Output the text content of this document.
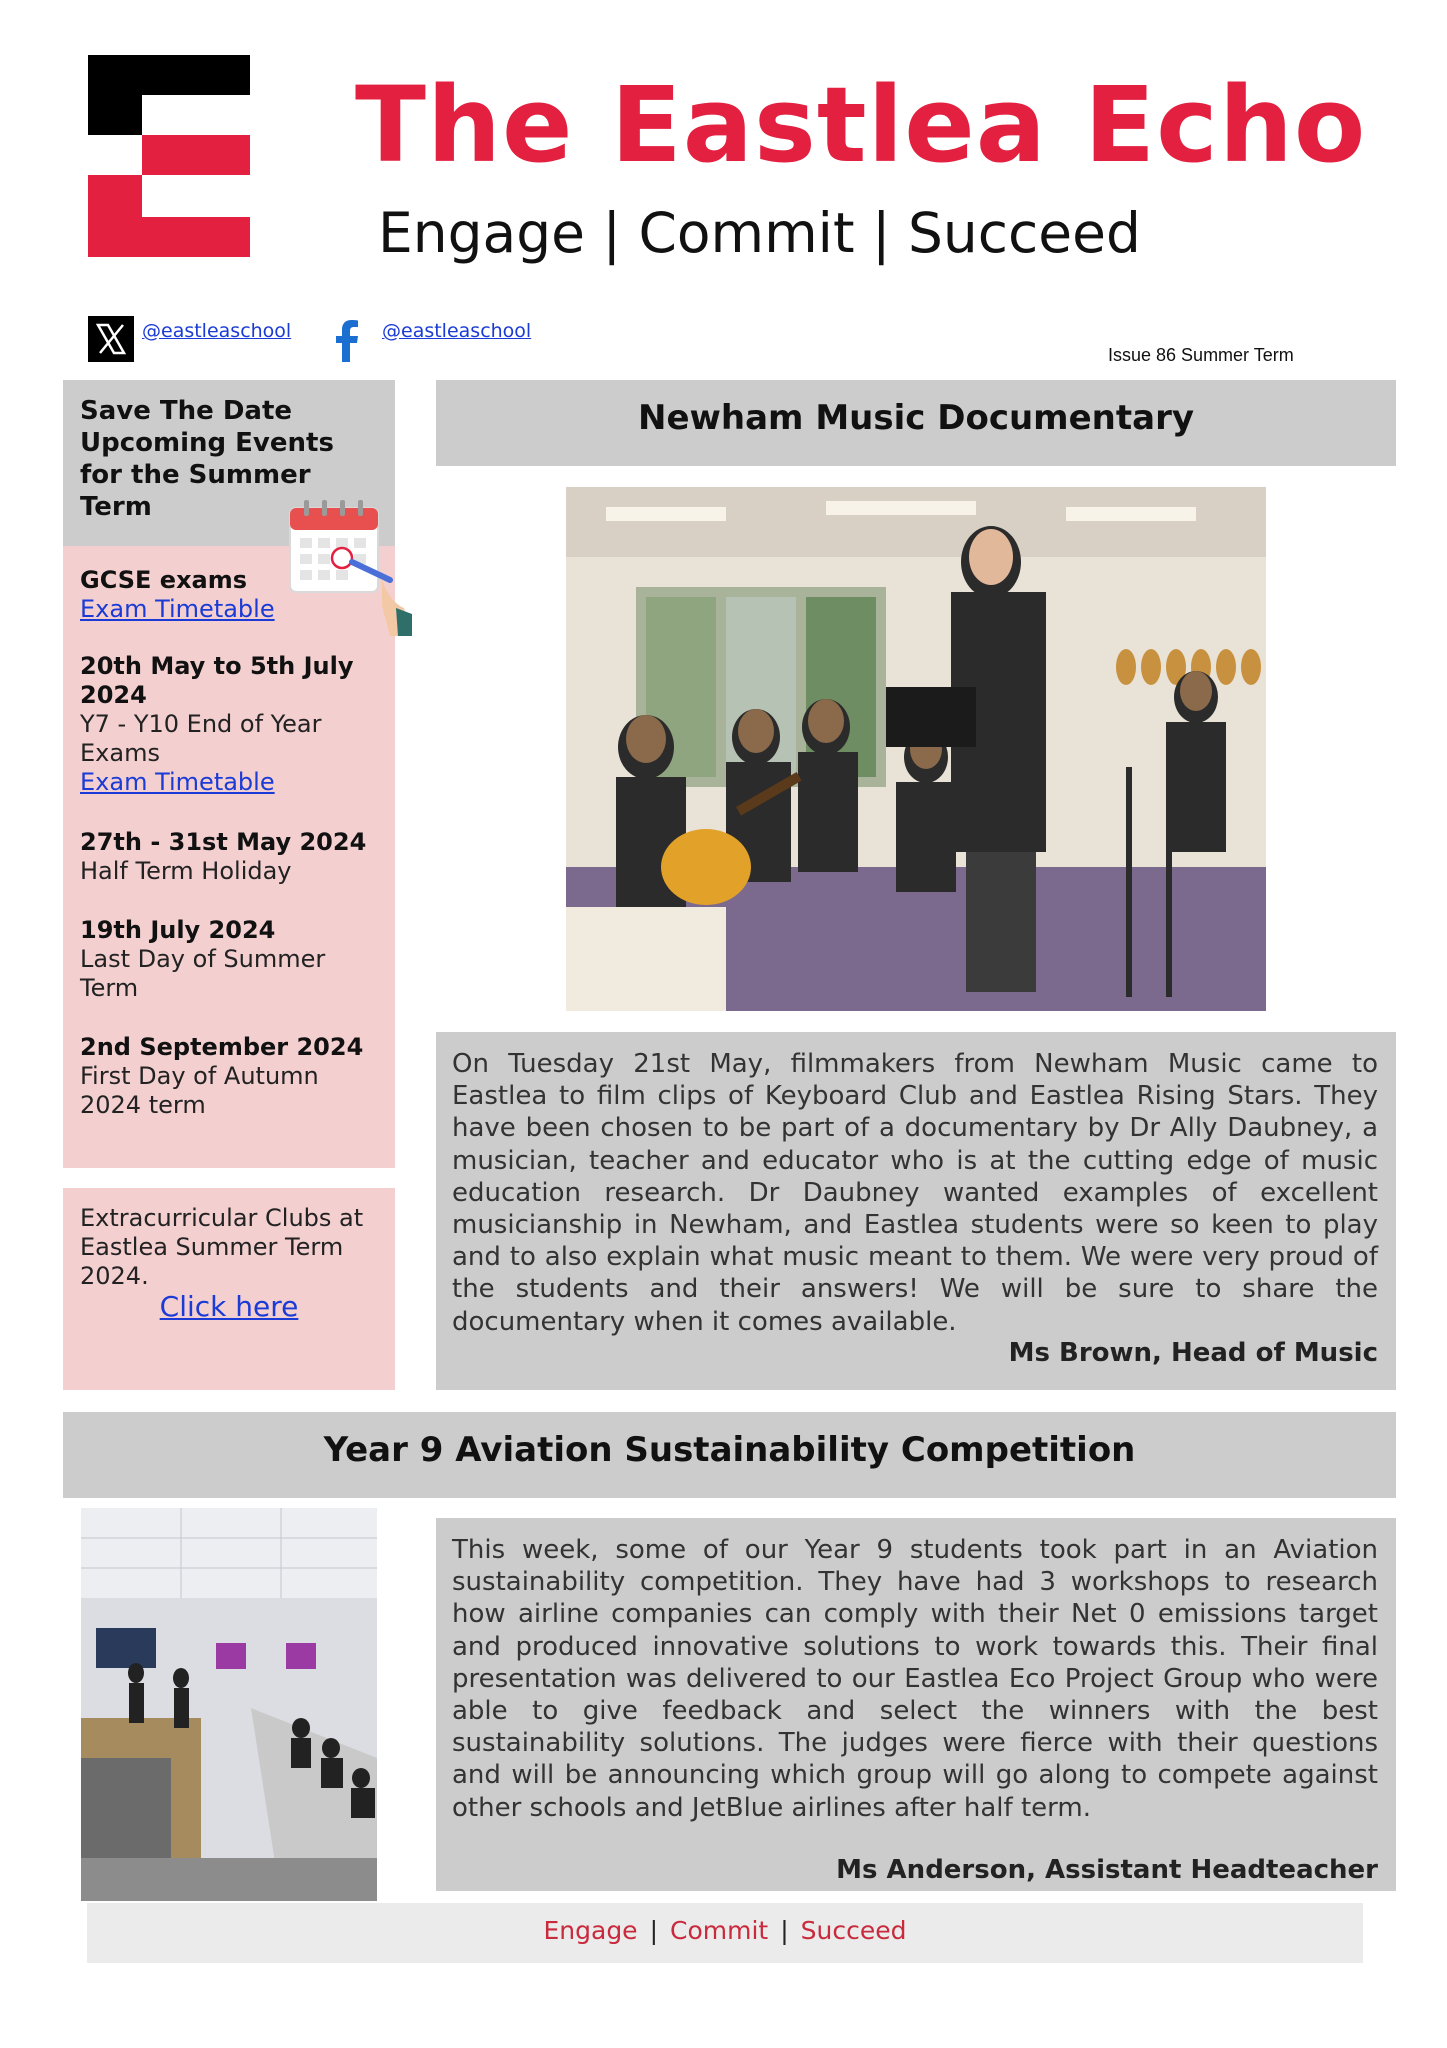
The Eastlea Echo
Engage | Commit | Succeed
@eastleaschool	@eastleaschool
Issue 86 Summer Term
Save The Date Upcoming Events for the Summer Term
GCSE exams
Exam Timetable
20th May to 5th July 2024
Y7 - Y10 End of Year Exams
Exam Timetable
27th - 31st May 2024
Half Term Holiday
19th July 2024
Last Day of Summer Term
2nd September 2024
First Day of Autumn 2024 term
Extracurricular Clubs at Eastlea Summer Term 2024.
Click here
Newham Music Documentary
On Tuesday 21st May, filmmakers from Newham Music came to Eastlea to film clips of Keyboard Club and Eastlea Rising Stars. They have been chosen to be part of a documentary by Dr Ally Daubney, a musician, teacher and educator who is at the cutting edge of music education research. Dr Daubney wanted examples of excellent musicianship in Newham, and Eastlea students were so keen to play and to also explain what music meant to them. We were very proud of the students and their answers! We will be sure to share the documentary when it comes available.
Ms Brown, Head of Music
Year 9 Aviation Sustainability Competition
This week, some of our Year 9 students took part in an Aviation sustainability competition. They have had 3 workshops to research how airline companies can comply with their Net 0 emissions target and produced innovative solutions to work towards this. Their final presentation was delivered to our Eastlea Eco Project Group who were able to give feedback and select the winners with the best sustainability solutions. The judges were fierce with their questions and will be announcing which group will go along to compete against other schools and JetBlue airlines after half term.
Ms Anderson, Assistant Headteacher
Engage | Commit | Succeed
